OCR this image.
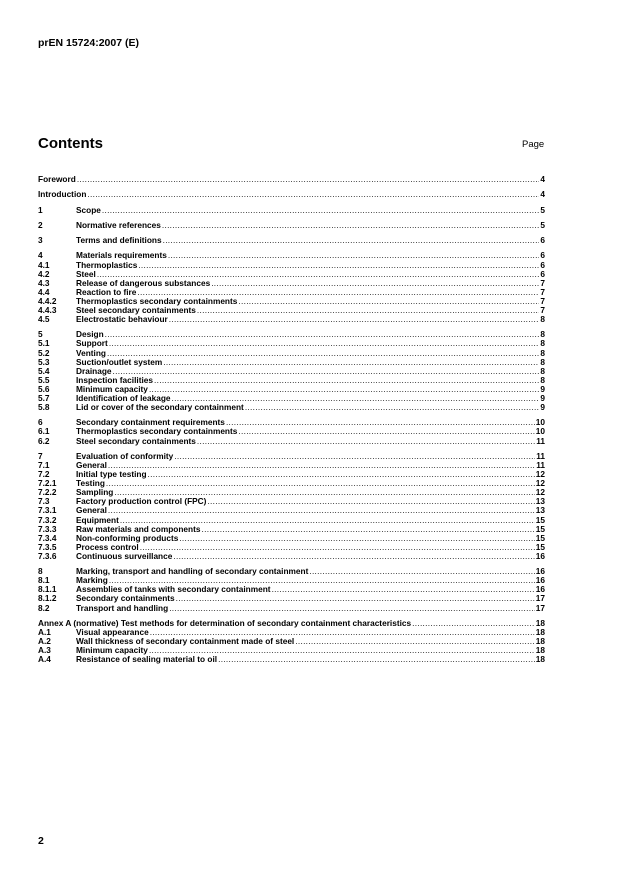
prEN 15724:2007 (E)
Contents	Page
Foreword .....	4
Introduction .....	4
1	Scope .....	5
2	Normative references .....	5
3	Terms and definitions .....	6
4	Materials requirements .....	6
4.1	Thermoplastics .....	6
4.2	Steel .....	6
4.3	Release of dangerous substances .....	7
4.4	Reaction to fire .....	7
4.4.2	Thermoplastics secondary containments .....	7
4.4.3	Steel secondary containments .....	7
4.5	Electrostatic behaviour .....	8
5	Design .....	8
5.1	Support .....	8
5.2	Venting .....	8
5.3	Suction/outlet system .....	8
5.4	Drainage .....	8
5.5	Inspection facilities .....	8
5.6	Minimum capacity .....	9
5.7	Identification of leakage .....	9
5.8	Lid or cover of the secondary containment .....	9
6	Secondary containment requirements .....	10
6.1	Thermoplastics secondary containments .....	10
6.2	Steel secondary containments .....	11
7	Evaluation of conformity .....	11
7.1	General .....	11
7.2	Initial type testing .....	12
7.2.1	Testing .....	12
7.2.2	Sampling .....	12
7.3	Factory production control (FPC) .....	13
7.3.1	General .....	13
7.3.2	Equipment .....	15
7.3.3	Raw materials and components .....	15
7.3.4	Non-conforming products .....	15
7.3.5	Process control .....	15
7.3.6	Continuous surveillance .....	16
8	Marking, transport and handling of secondary containment .....	16
8.1	Marking .....	16
8.1.1	Assemblies of tanks with secondary containment .....	16
8.1.2	Secondary containments .....	17
8.2	Transport and handling .....	17
Annex A (normative) Test methods for determination of secondary containment characteristics .....	18
A.1	Visual appearance .....	18
A.2	Wall thickness of secondary containment made of steel .....	18
A.3	Minimum capacity .....	18
A.4	Resistance of sealing material to oil .....	18
2
